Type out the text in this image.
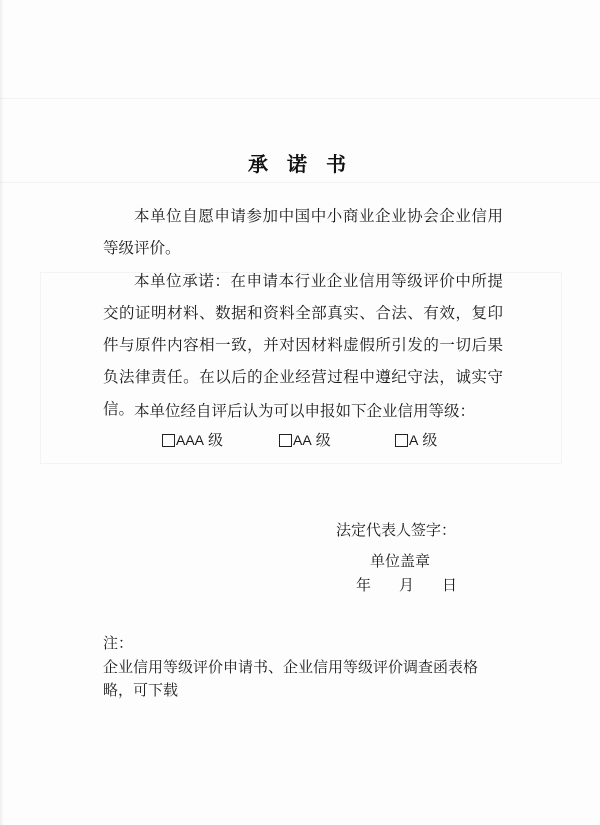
承 诺 书

本单位自愿申请参加中国中小商业企业协会企业信用等级评价。

本单位承诺：在申请本行业企业信用等级评价中所提交的证明材料、数据和资料全部真实、合法、有效，复印件与原件内容相一致，并对因材料虚假所引发的一切后果负法律责任。在以后的企业经营过程中遵纪守法，诚实守信。 本单位经自评后认为可以申报如下企业信用等级：

AAA 级	AA 级	A 级
法定代表人签字：
单位盖章
年 月 日
注：
企业信用等级评价申请书、企业信用等级评价调查函表格略，可下载
